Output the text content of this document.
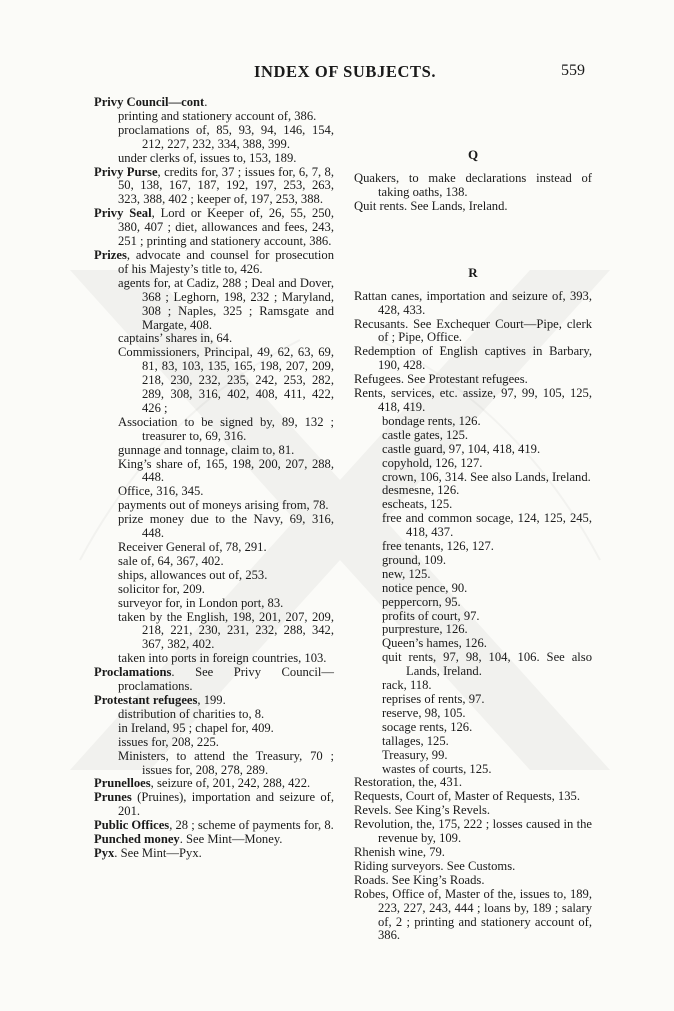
INDEX OF SUBJECTS.	559
Privy Council—cont.
printing and stationery account of, 386.
proclamations of, 85, 93, 94, 146, 154, 212, 227, 232, 334, 388, 399.
under clerks of, issues to, 153, 189.
Privy Purse, credits for, 37 ; issues for, 6, 7, 8, 50, 138, 167, 187, 192, 197, 253, 263, 323, 388, 402 ; keeper of, 197, 253, 388.
Privy Seal, Lord or Keeper of, 26, 55, 250, 380, 407 ; diet, allowances and fees, 243, 251 ; printing and stationery account, 386.
Prizes, advocate and counsel for prosecution of his Majesty’s title to, 426.
agents for, at Cadiz, 288 ; Deal and Dover, 368 ; Leghorn, 198, 232 ; Maryland, 308 ; Naples, 325 ; Ramsgate and Margate, 408.
captains’ shares in, 64.
Commissioners, Principal, 49, 62, 63, 69, 81, 83, 103, 135, 165, 198, 207, 209, 218, 230, 232, 235, 242, 253, 282, 289, 308, 316, 402, 408, 411, 422, 426 ;
Association to be signed by, 89, 132 ; treasurer to, 69, 316.
gunnage and tonnage, claim to, 81.
King’s share of, 165, 198, 200, 207, 288, 448.
Office, 316, 345.
payments out of moneys arising from, 78.
prize money due to the Navy, 69, 316, 448.
Receiver General of, 78, 291.
sale of, 64, 367, 402.
ships, allowances out of, 253.
solicitor for, 209.
surveyor for, in London port, 83.
taken by the English, 198, 201, 207, 209, 218, 221, 230, 231, 232, 288, 342, 367, 382, 402.
taken into ports in foreign countries, 103.
Proclamations. See Privy Council—proclamations.
Protestant refugees, 199.
distribution of charities to, 8.
in Ireland, 95 ; chapel for, 409.
issues for, 208, 225.
Ministers, to attend the Treasury, 70 ; issues for, 208, 278, 289.
Prunelloes, seizure of, 201, 242, 288, 422.
Prunes (Pruines), importation and seizure of, 201.
Public Offices, 28 ; scheme of payments for, 8.
Punched money. See Mint—Money.
Pyx. See Mint—Pyx.
Q
Quakers, to make declarations instead of taking oaths, 138.
Quit rents. See Lands, Ireland.
R
Rattan canes, importation and seizure of, 393, 428, 433.
Recusants. See Exchequer Court—Pipe, clerk of ; Pipe, Office.
Redemption of English captives in Barbary, 190, 428.
Refugees. See Protestant refugees.
Rents, services, etc. assize, 97, 99, 105, 125, 418, 419.
bondage rents, 126.
castle gates, 125.
castle guard, 97, 104, 418, 419.
copyhold, 126, 127.
crown, 106, 314. See also Lands, Ireland.
desmesne, 126.
escheats, 125.
free and common socage, 124, 125, 245, 418, 437.
free tenants, 126, 127.
ground, 109.
new, 125.
notice pence, 90.
peppercorn, 95.
profits of court, 97.
purpresture, 126.
Queen’s hames, 126.
quit rents, 97, 98, 104, 106. See also Lands, Ireland.
rack, 118.
reprises of rents, 97.
reserve, 98, 105.
socage rents, 126.
tallages, 125.
Treasury, 99.
wastes of courts, 125.
Restoration, the, 431.
Requests, Court of, Master of Requests, 135.
Revels. See King’s Revels.
Revolution, the, 175, 222 ; losses caused in the revenue by, 109.
Rhenish wine, 79.
Riding surveyors. See Customs.
Roads. See King’s Roads.
Robes, Office of, Master of the, issues to, 189, 223, 227, 243, 444 ; loans by, 189 ; salary of, 2 ; printing and stationery account of, 386.
